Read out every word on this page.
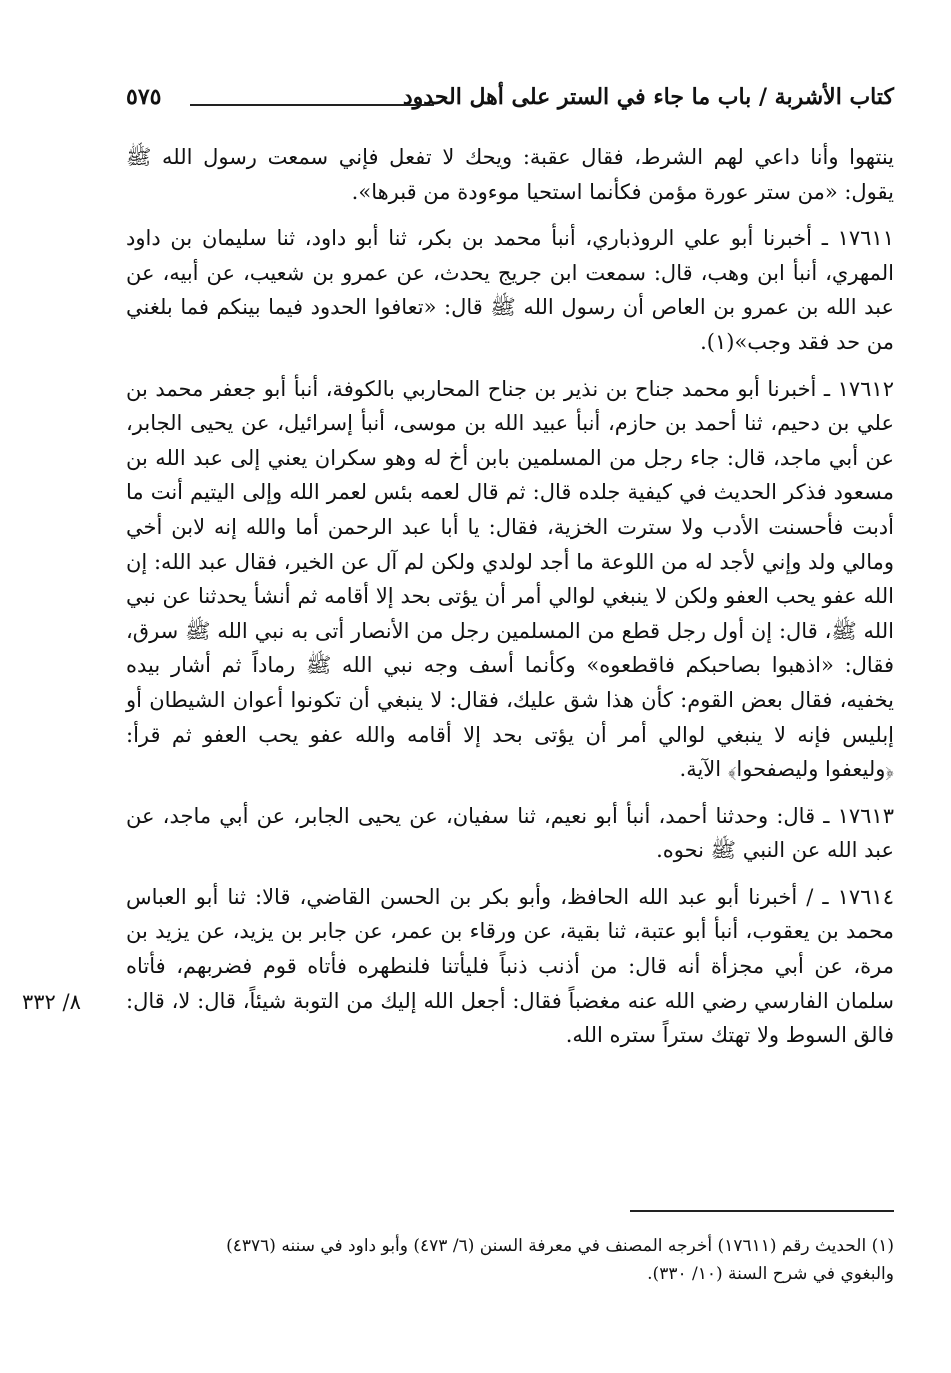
كتاب الأشربة / باب ما جاء في الستر على أهل الحدود
٥٧٥

ينتهوا وأنا داعي لهم الشرط، فقال عقبة: ويحك لا تفعل فإني سمعت رسول الله ﷺ يقول: «من ستر عورة مؤمن فكأنما استحيا موءودة من قبرها».

١٧٦١١ ـ أخبرنا أبو علي الروذباري، أنبأ محمد بن بكر، ثنا أبو داود، ثنا سليمان بن داود المهري، أنبأ ابن وهب، قال: سمعت ابن جريج يحدث، عن عمرو بن شعيب، عن أبيه، عن عبد الله بن عمرو بن العاص أن رسول الله ﷺ قال: «تعافوا الحدود فيما بينكم فما بلغني من حد فقد وجب»(١).

١٧٦١٢ ـ أخبرنا أبو محمد جناح بن نذير بن جناح المحاربي بالكوفة، أنبأ أبو جعفر محمد بن علي بن دحيم، ثنا أحمد بن حازم، أنبأ عبيد الله بن موسى، أنبأ إسرائيل، عن يحيى الجابر، عن أبي ماجد، قال: جاء رجل من المسلمين بابن أخ له وهو سكران يعني إلى عبد الله بن مسعود فذكر الحديث في كيفية جلده قال: ثم قال لعمه بئس لعمر الله وإلى اليتيم أنت ما أدبت فأحسنت الأدب ولا سترت الخزية، فقال: يا أبا عبد الرحمن أما والله إنه لابن أخي ومالي ولد وإني لأجد له من اللوعة ما أجد لولدي ولكن لم آل عن الخير، فقال عبد الله: إن الله عفو يحب العفو ولكن لا ينبغي لوالي أمر أن يؤتى بحد إلا أقامه ثم أنشأ يحدثنا عن نبي الله ﷺ، قال: إن أول رجل قطع من المسلمين رجل من الأنصار أتى به نبي الله ﷺ سرق، فقال: «اذهبوا بصاحبكم فاقطعوه» وكأنما أسف وجه نبي الله ﷺ رماداً ثم أشار بيده يخفيه، فقال بعض القوم: كأن هذا شق عليك، فقال: لا ينبغي أن تكونوا أعوان الشيطان أو إبليس فإنه لا ينبغي لوالي أمر أن يؤتى بحد إلا أقامه والله عفو يحب العفو ثم قرأ: ﴿وليعفوا وليصفحوا﴾ الآية.

١٧٦١٣ ـ قال: وحدثنا أحمد، أنبأ أبو نعيم، ثنا سفيان، عن يحيى الجابر، عن أبي ماجد، عن عبد الله عن النبي ﷺ نحوه.

١٧٦١٤ ـ / أخبرنا أبو عبد الله الحافظ، وأبو بكر بن الحسن القاضي، قالا: ثنا أبو العباس محمد بن يعقوب، أنبأ أبو عتبة، ثنا بقية، عن ورقاء بن عمر، عن جابر بن يزيد، عن يزيد بن مرة، عن أبي مجزأة أنه قال: من أذنب ذنباً فليأتنا فلنطهره فأتاه قوم فضربهم، فأتاه سلمان الفارسي رضي الله عنه مغضباً فقال: أجعل الله إليك من التوبة شيئاً، قال: لا، قال: فالق السوط ولا تهتك ستراً ستره الله.

٨/ ٣٣٢

(١) الحديث رقم (١٧٦١١) أخرجه المصنف في معرفة السنن (٦/ ٤٧٣) وأبو داود في سننه (٤٣٧٦)

والبغوي في شرح السنة (١٠/ ٣٣٠).
